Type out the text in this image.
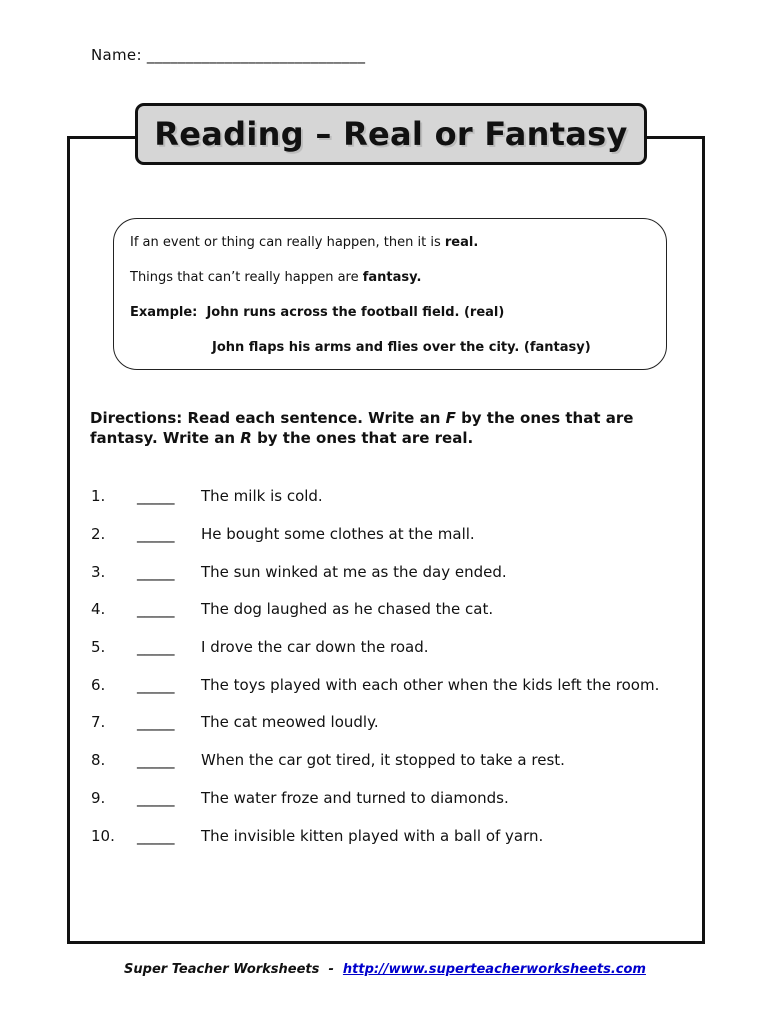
Name: ____________________________
Reading – Real or Fantasy
If an event or thing can really happen, then it is real.
Things that can’t really happen are fantasy.
Example: John runs across the football field. (real)
John flaps his arms and flies over the city. (fantasy)
Directions: Read each sentence. Write an F by the ones that are fantasy. Write an R by the ones that are real.
1. _____ The milk is cold.
2. _____ He bought some clothes at the mall.
3. _____ The sun winked at me as the day ended.
4. _____ The dog laughed as he chased the cat.
5. _____ I drove the car down the road.
6. _____ The toys played with each other when the kids left the room.
7. _____ The cat meowed loudly.
8. _____ When the car got tired, it stopped to take a rest.
9. _____ The water froze and turned to diamonds.
10. _____ The invisible kitten played with a ball of yarn.
Super Teacher Worksheets - http://www.superteacherworksheets.com
